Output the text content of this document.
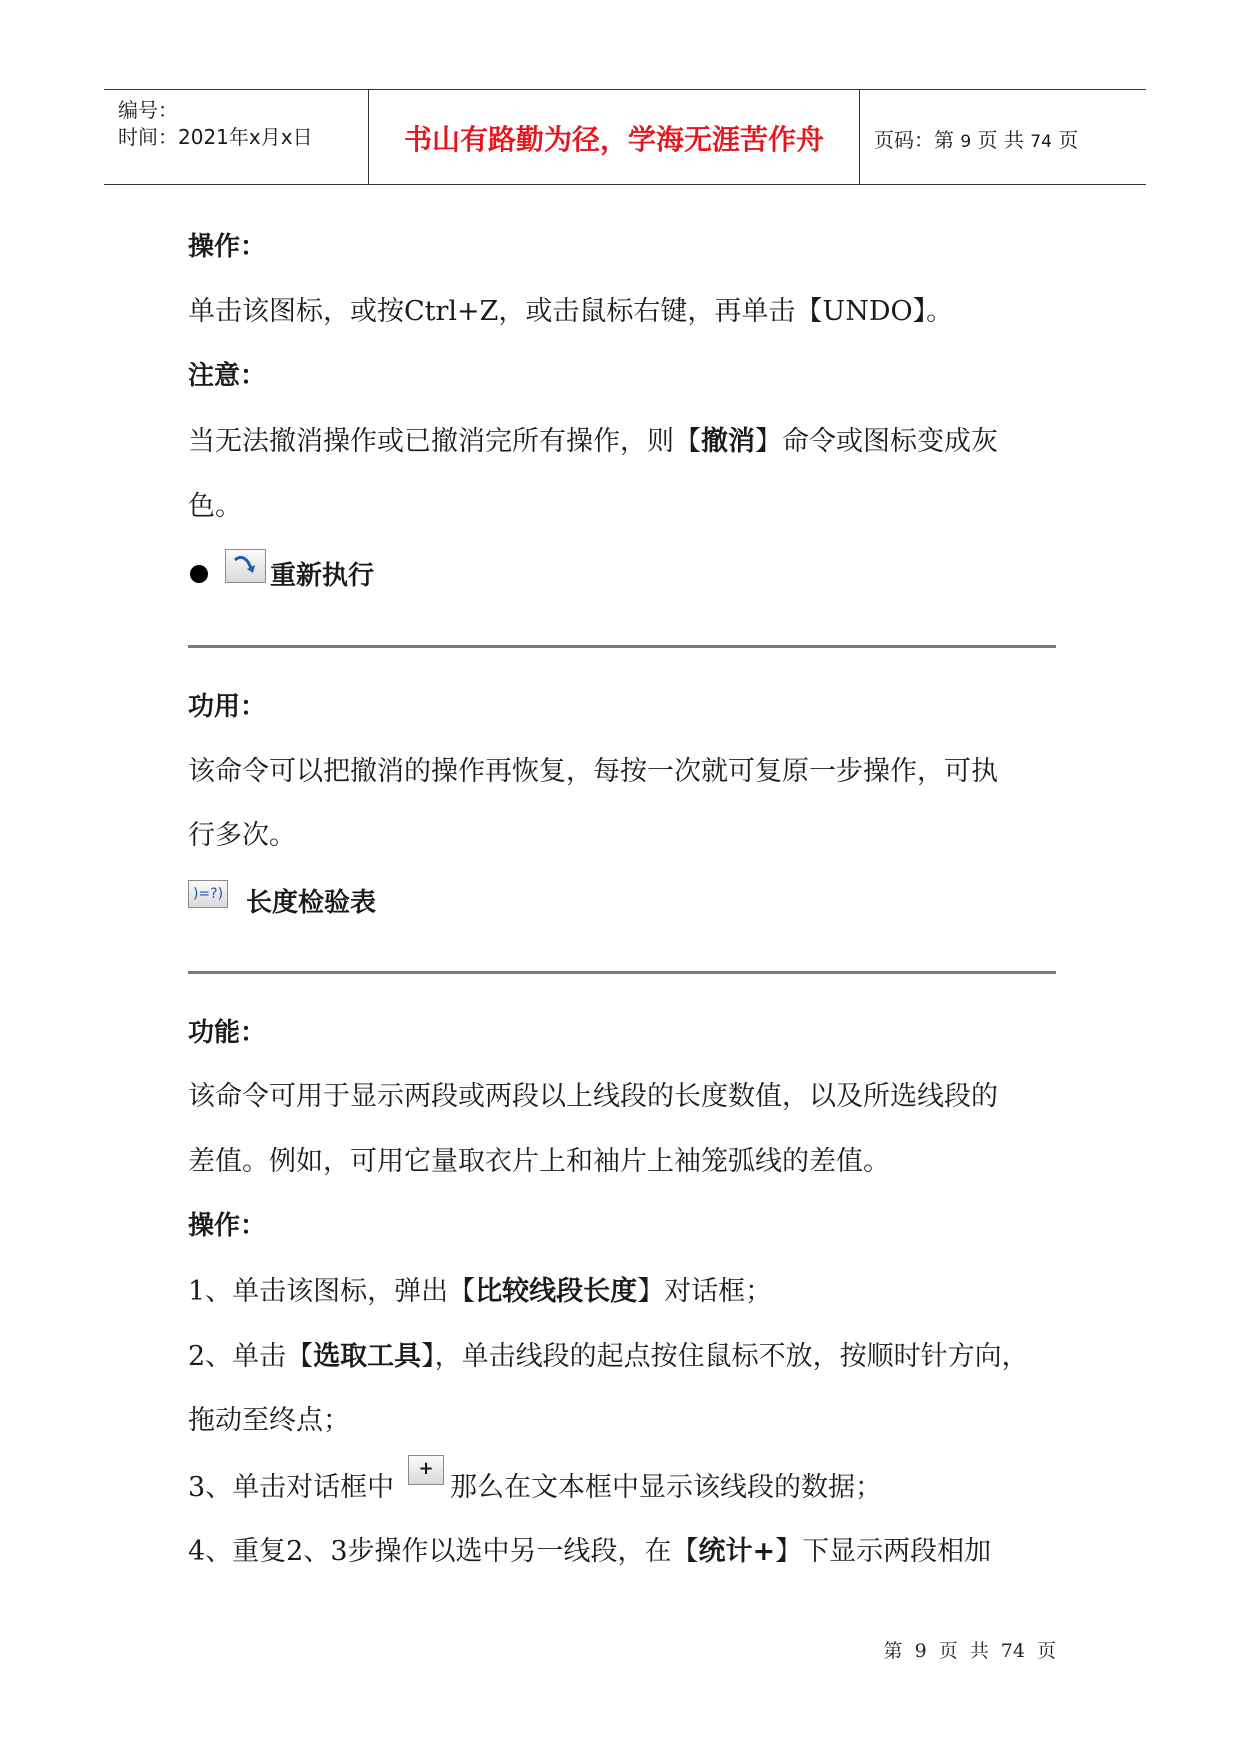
编号：
时间：2021年x月x日	书山有路勤为径，学海无涯苦作舟	页码：第 9 页 共 74 页
操作：
单击该图标，或按Ctrl+Z，或击鼠标右键，再单击【UNDO】。
注意：
当无法撤消操作或已撤消完所有操作，则【撤消】命令或图标变成灰
色。
重新执行
功用：
该命令可以把撤消的操作再恢复，每按一次就可复原一步操作，可执
行多次。
)=?) 长度检验表
功能：
该命令可用于显示两段或两段以上线段的长度数值，以及所选线段的
差值。例如，可用它量取衣片上和袖片上袖笼弧线的差值。
操作：
1、单击该图标，弹出【比较线段长度】对话框；
2、单击【选取工具】，单击线段的起点按住鼠标不放，按顺时针方向，
拖动至终点；
3、单击对话框中
+
那么在文本框中显示该线段的数据；
4、重复2、3步操作以选中另一线段，在【统计+】下显示两段相加
第 9 页 共 74 页
